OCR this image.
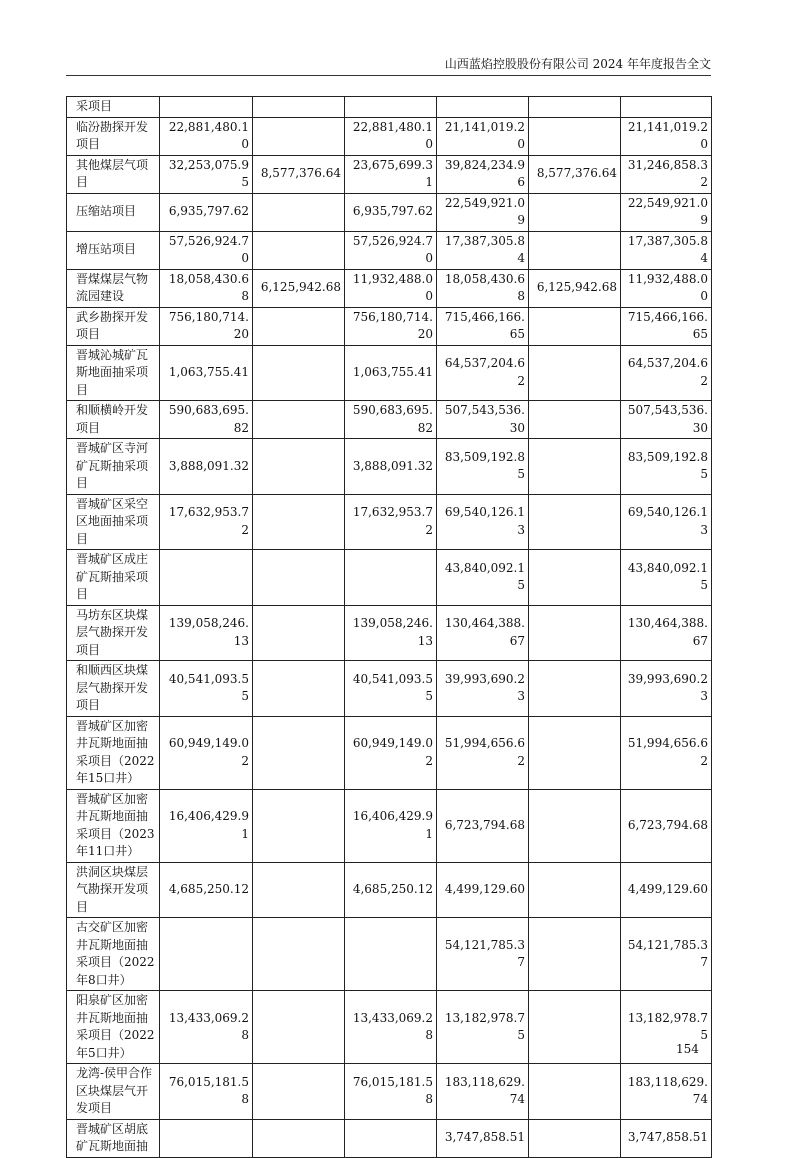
山西蓝焰控股股份有限公司 2024 年年度报告全文
采项目						
临汾勘探开发项目	22,881,480.10		22,881,480.10	21,141,019.20		21,141,019.20
其他煤层气项目	32,253,075.95	8,577,376.64	23,675,699.31	39,824,234.96	8,577,376.64	31,246,858.32
压缩站项目	6,935,797.62		6,935,797.62	22,549,921.09		22,549,921.09
增压站项目	57,526,924.70		57,526,924.70	17,387,305.84		17,387,305.84
晋煤煤层气物流园建设	18,058,430.68	6,125,942.68	11,932,488.00	18,058,430.68	6,125,942.68	11,932,488.00
武乡勘探开发项目	756,180,714.20		756,180,714.20	715,466,166.65		715,466,166.65
晋城沁城矿瓦斯地面抽采项目	1,063,755.41		1,063,755.41	64,537,204.62		64,537,204.62
和顺横岭开发项目	590,683,695.82		590,683,695.82	507,543,536.30		507,543,536.30
晋城矿区寺河矿瓦斯抽采项目	3,888,091.32		3,888,091.32	83,509,192.85		83,509,192.85
晋城矿区采空区地面抽采项目	17,632,953.72		17,632,953.72	69,540,126.13		69,540,126.13
晋城矿区成庄矿瓦斯抽采项目				43,840,092.15		43,840,092.15
马坊东区块煤层气勘探开发项目	139,058,246.13		139,058,246.13	130,464,388.67		130,464,388.67
和顺西区块煤层气勘探开发项目	40,541,093.55		40,541,093.55	39,993,690.23		39,993,690.23
晋城矿区加密井瓦斯地面抽采项目（2022年15口井）	60,949,149.02		60,949,149.02	51,994,656.62		51,994,656.62
晋城矿区加密井瓦斯地面抽采项目（2023年11口井）	16,406,429.91		16,406,429.91	6,723,794.68		6,723,794.68
洪洞区块煤层气勘探开发项目	4,685,250.12		4,685,250.12	4,499,129.60		4,499,129.60
古交矿区加密井瓦斯地面抽采项目（2022年8口井）				54,121,785.37		54,121,785.37
阳泉矿区加密井瓦斯地面抽采项目（2022年5口井）	13,433,069.28		13,433,069.28	13,182,978.75		13,182,978.75
龙湾-侯甲合作区块煤层气开发项目	76,015,181.58		76,015,181.58	183,118,629.74		183,118,629.74
晋城矿区胡底矿瓦斯地面抽				3,747,858.51		3,747,858.51
154
